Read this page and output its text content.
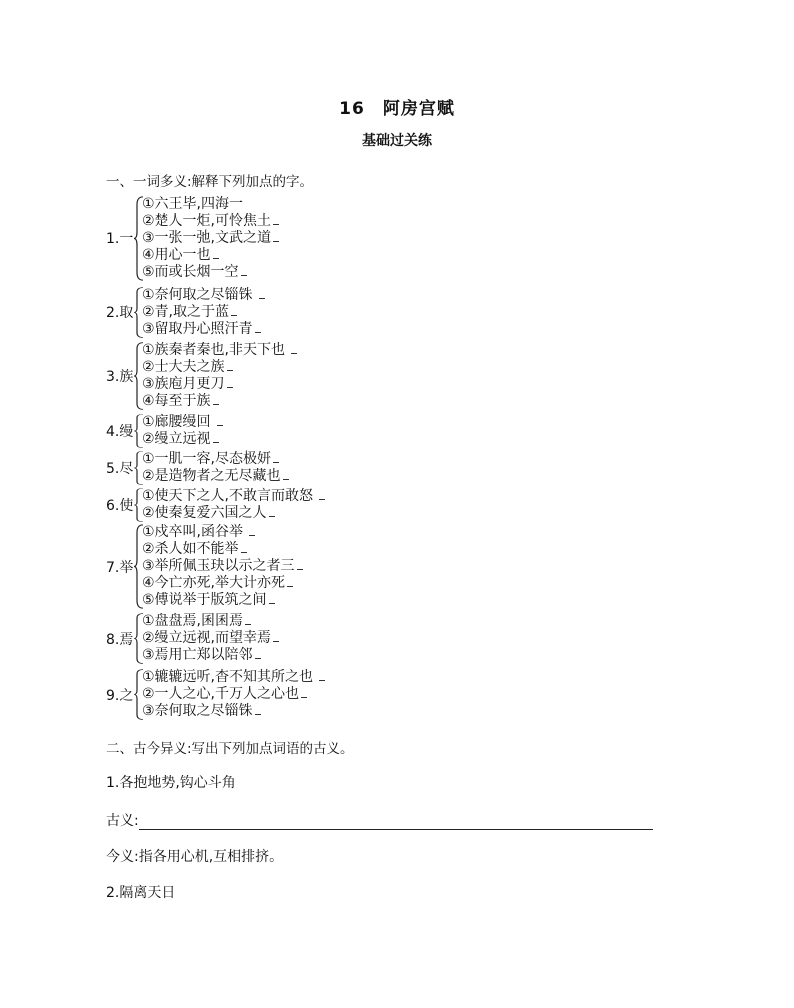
16　阿房宫赋
基础过关练
一、一词多义:解释下列加点的字。
1.一
①六王毕,四海一
②楚人一炬,可怜焦土
③一张一弛,文武之道
④用心一也
⑤而或长烟一空
2.取
①奈何取之尽锱铢
②青,取之于蓝
③留取丹心照汗青
3.族
①族秦者秦也,非天下也
②士大夫之族
③族庖月更刀
④每至于族
4.缦
①廊腰缦回
②缦立远视
5.尽
①一肌一容,尽态极妍
②是造物者之无尽藏也
6.使
①使天下之人,不敢言而敢怒
②使秦复爱六国之人
7.举
①戍卒叫,函谷举
②杀人如不能举
③举所佩玉玦以示之者三
④今亡亦死,举大计亦死
⑤傅说举于版筑之间
8.焉
①盘盘焉,囷囷焉
②缦立远视,而望幸焉
③焉用亡郑以陪邻
9.之
①辘辘远听,杳不知其所之也
②一人之心,千万人之心也
③奈何取之尽锱铢
二、古今异义:写出下列加点词语的古义。
1.各抱地势,钩心斗角
古义:
今义:指各用心机,互相排挤。
2.隔离天日
